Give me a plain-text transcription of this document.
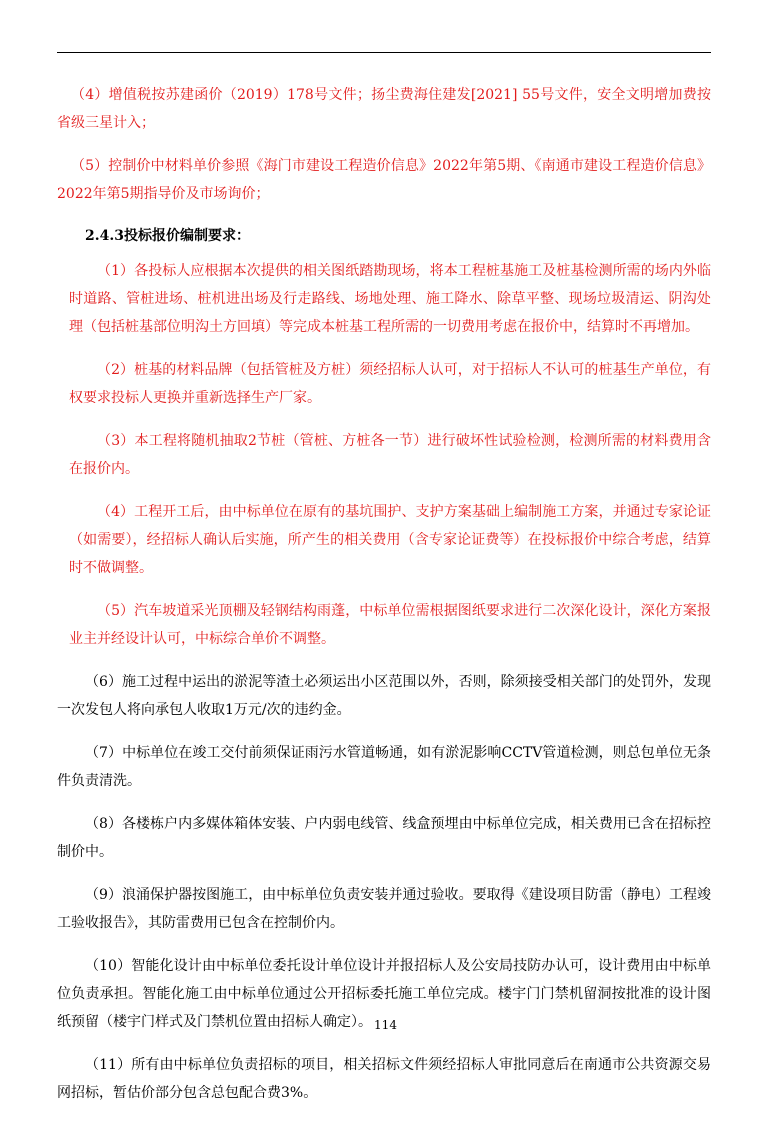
（4）增值税按苏建函价（2019）178号文件；扬尘费海住建发[2021] 55号文件，安全文明增加费按省级三星计入；

（5）控制价中材料单价参照《海门市建设工程造价信息》2022年第5期、《南通市建设工程造价信息》2022年第5期指导价及市场询价；

2.4.3投标报价编制要求：

（1）各投标人应根据本次提供的相关图纸踏勘现场，将本工程桩基施工及桩基检测所需的场内外临时道路、管桩进场、桩机进出场及行走路线、场地处理、施工降水、除草平整、现场垃圾清运、阴沟处理（包括桩基部位明沟土方回填）等完成本桩基工程所需的一切费用考虑在报价中，结算时不再增加。

（2）桩基的材料品牌（包括管桩及方桩）须经招标人认可，对于招标人不认可的桩基生产单位，有权要求投标人更换并重新选择生产厂家。

（3）本工程将随机抽取2节桩（管桩、方桩各一节）进行破坏性试验检测，检测所需的材料费用含在报价内。

（4）工程开工后，由中标单位在原有的基坑围护、支护方案基础上编制施工方案，并通过专家论证（如需要），经招标人确认后实施，所产生的相关费用（含专家论证费等）在投标报价中综合考虑，结算时不做调整。

（5）汽车坡道采光顶棚及轻钢结构雨蓬，中标单位需根据图纸要求进行二次深化设计，深化方案报业主并经设计认可，中标综合单价不调整。

（6）施工过程中运出的淤泥等渣土必须运出小区范围以外，否则，除须接受相关部门的处罚外，发现一次发包人将向承包人收取1万元/次的违约金。

（7）中标单位在竣工交付前须保证雨污水管道畅通，如有淤泥影响CCTV管道检测，则总包单位无条件负责清洗。

（8）各楼栋户内多媒体箱体安装、户内弱电线管、线盒预埋由中标单位完成，相关费用已含在招标控制价中。

（9）浪涌保护器按图施工，由中标单位负责安装并通过验收。要取得《建设项目防雷（静电）工程竣工验收报告》，其防雷费用已包含在控制价内。

（10）智能化设计由中标单位委托设计单位设计并报招标人及公安局技防办认可，设计费用由中标单位负责承担。智能化施工由中标单位通过公开招标委托施工单位完成。楼宇门门禁机留洞按批准的设计图纸预留（楼宇门样式及门禁机位置由招标人确定）。

（11）所有由中标单位负责招标的项目，相关招标文件须经招标人审批同意后在南通市公共资源交易网招标，暂估价部分包含总包配合费3%。

114
